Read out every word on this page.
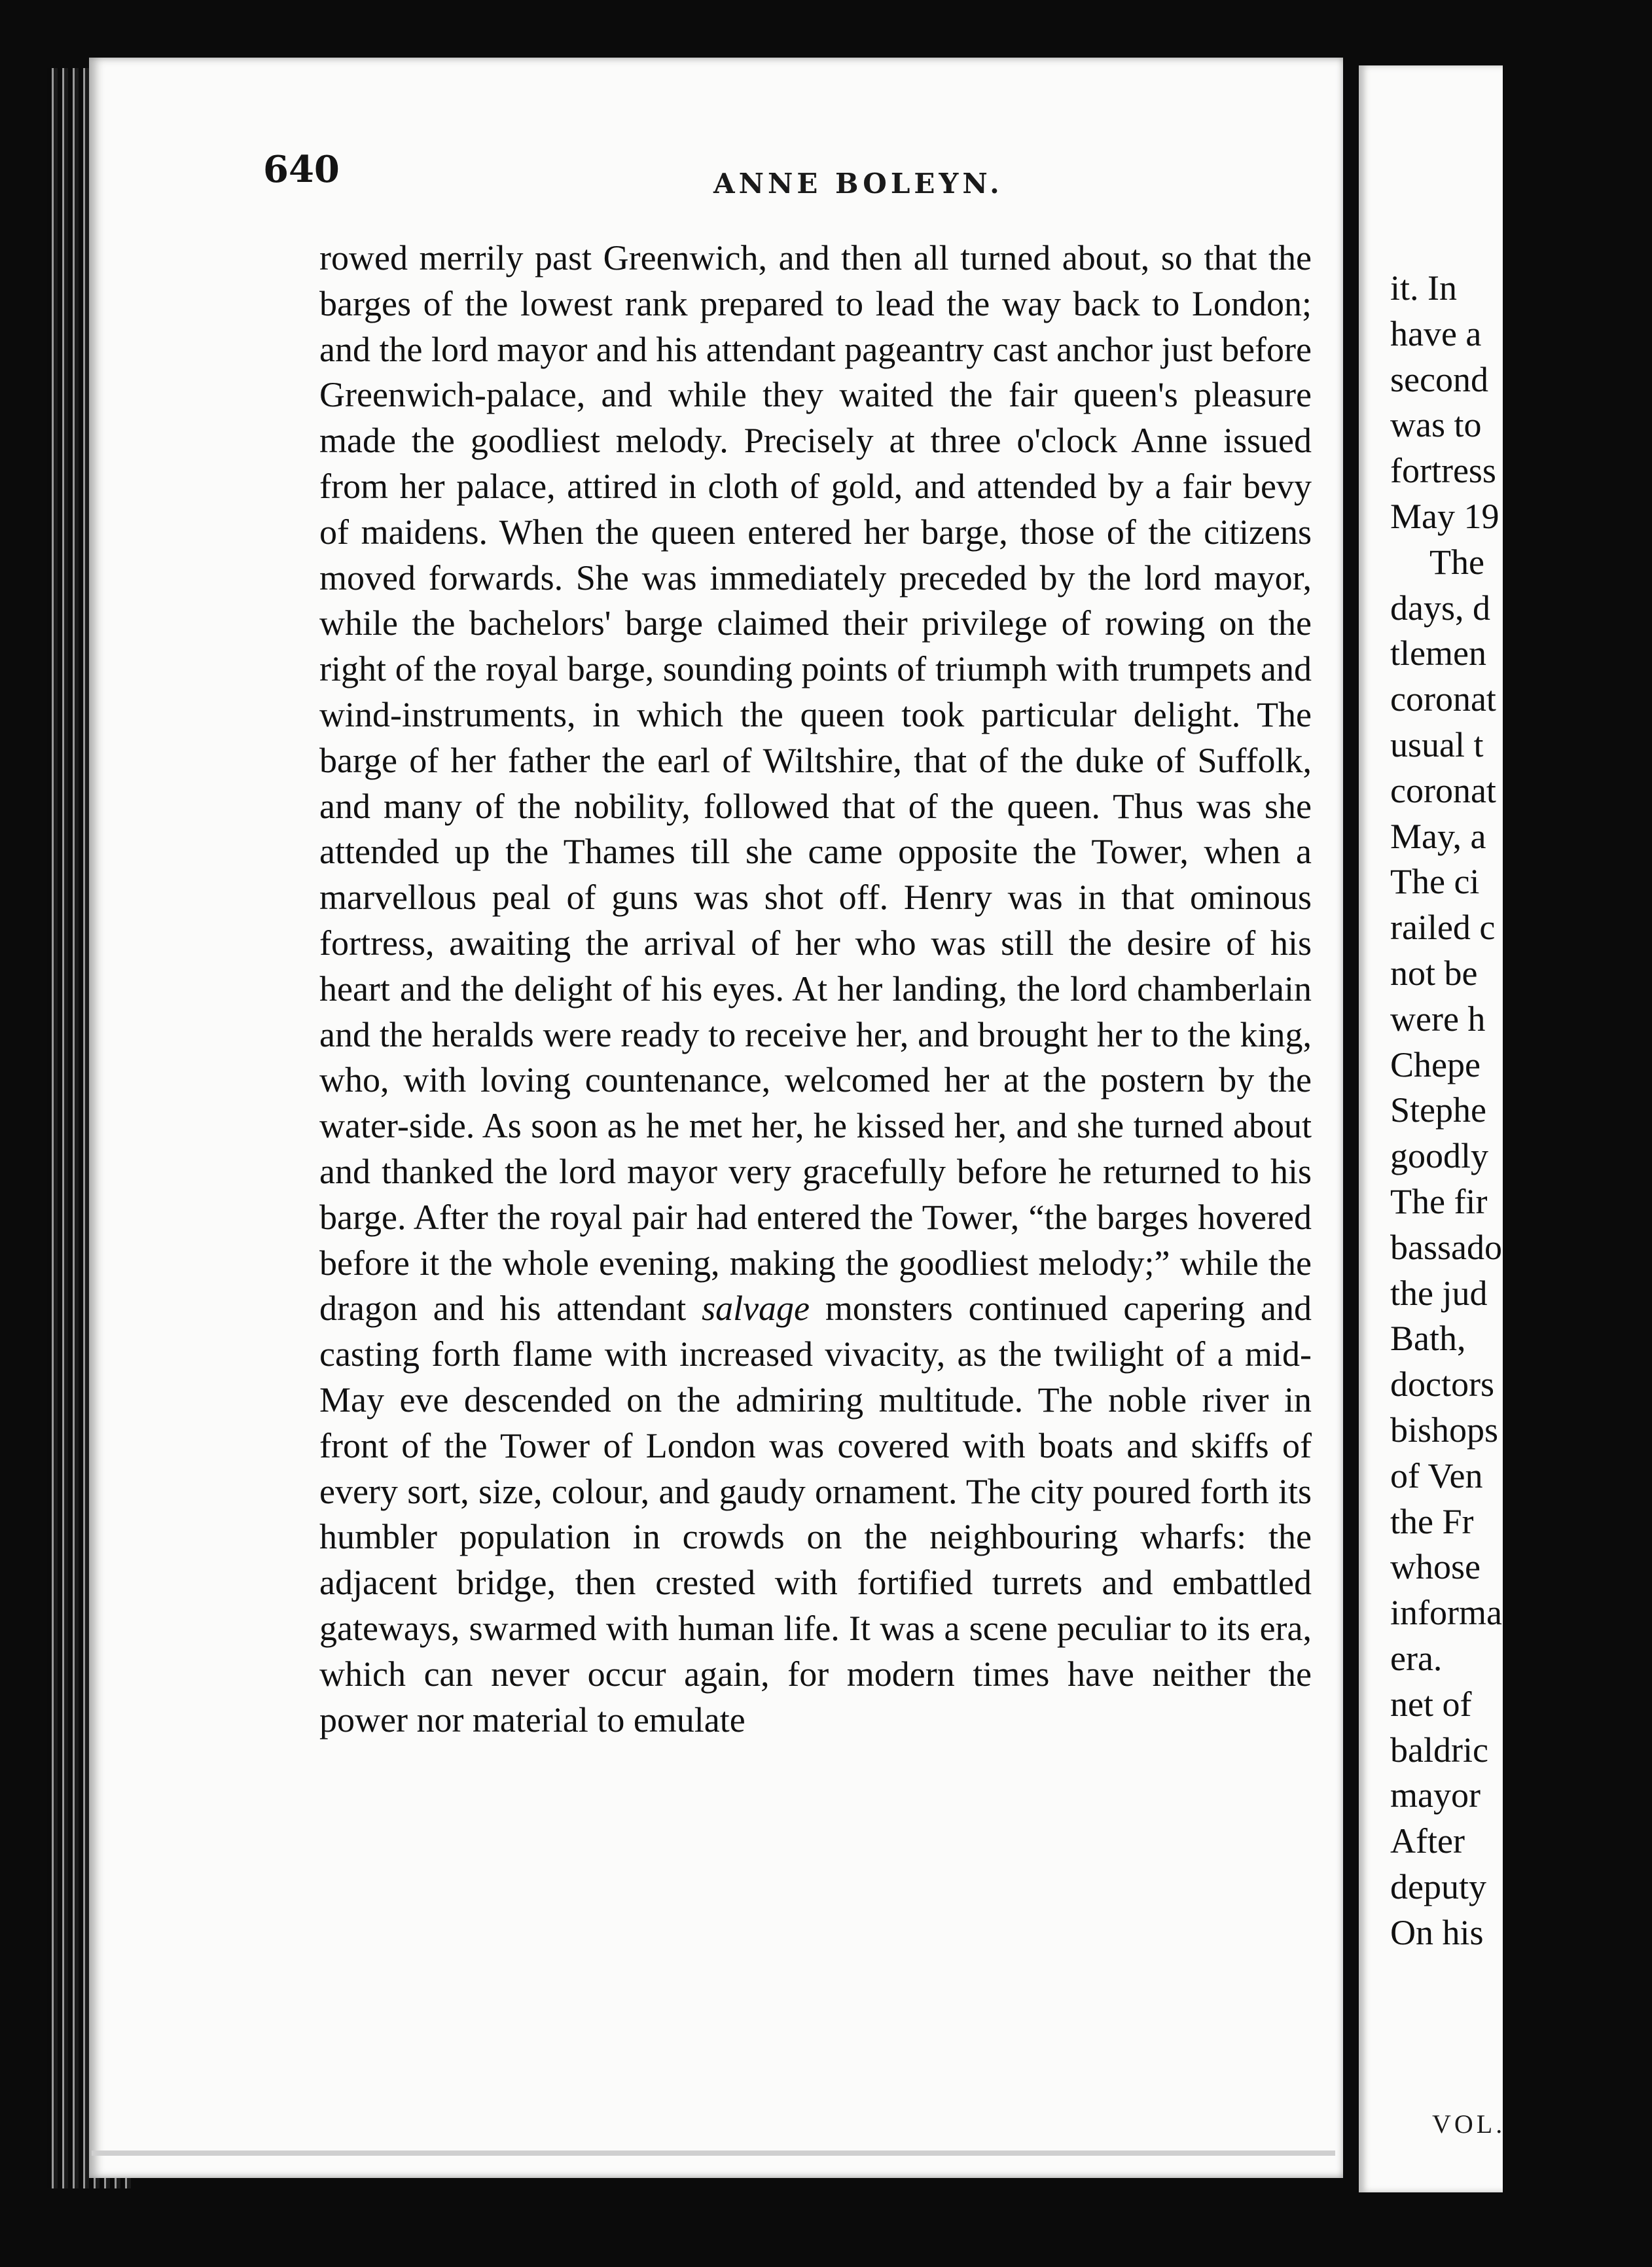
640	ANNE BOLEYN.

rowed merrily past Greenwich, and then all turned about, so that the barges of the lowest rank prepared to lead the way back to London; and the lord mayor and his attendant pageantry cast anchor just before Greenwich-palace, and while they waited the fair queen's pleasure made the goodliest melody. Precisely at three o'clock Anne issued from her palace, attired in cloth of gold, and attended by a fair bevy of maidens. When the queen entered her barge, those of the citizens moved forwards. She was immediately preceded by the lord mayor, while the bachelors' barge claimed their privilege of rowing on the right of the royal barge, sounding points of triumph with trumpets and wind-instruments, in which the queen took particular delight. The barge of her father the earl of Wiltshire, that of the duke of Suffolk, and many of the nobility, followed that of the queen. Thus was she attended up the Thames till she came opposite the Tower, when a marvellous peal of guns was shot off. Henry was in that ominous fortress, awaiting the arrival of her who was still the desire of his heart and the delight of his eyes. At her landing, the lord chamberlain and the heralds were ready to receive her, and brought her to the king, who, with loving countenance, welcomed her at the postern by the water-side. As soon as he met her, he kissed her, and she turned about and thanked the lord mayor very gracefully before he returned to his barge. After the royal pair had entered the Tower, “the barges hovered before it the whole evening, making the goodliest melody;” while the dragon and his attendant salvage monsters continued capering and casting forth flame with increased vivacity, as the twilight of a mid-May eve descended on the admiring multitude. The noble river in front of the Tower of London was covered with boats and skiffs of every sort, size, colour, and gaudy ornament. The city poured forth its humbler population in crowds on the neighbouring wharfs: the adjacent bridge, then crested with fortified turrets and embattled gateways, swarmed with human life. It was a scene peculiar to its era, which can never occur again, for modern times have neither the power nor material to emulate

it. In
have a
second
was to
fortress
May 19
The
days, d
tlemen
coronat
usual t
coronat
May, a
The ci
railed c
not be
were h
Chepe
Stephe
goodly
The fir
bassado
the jud
Bath,
doctors
bishops
of Ven
the Fr
whose
informa
era.
net of
baldric
mayor
After
deputy
On his
VOL.
